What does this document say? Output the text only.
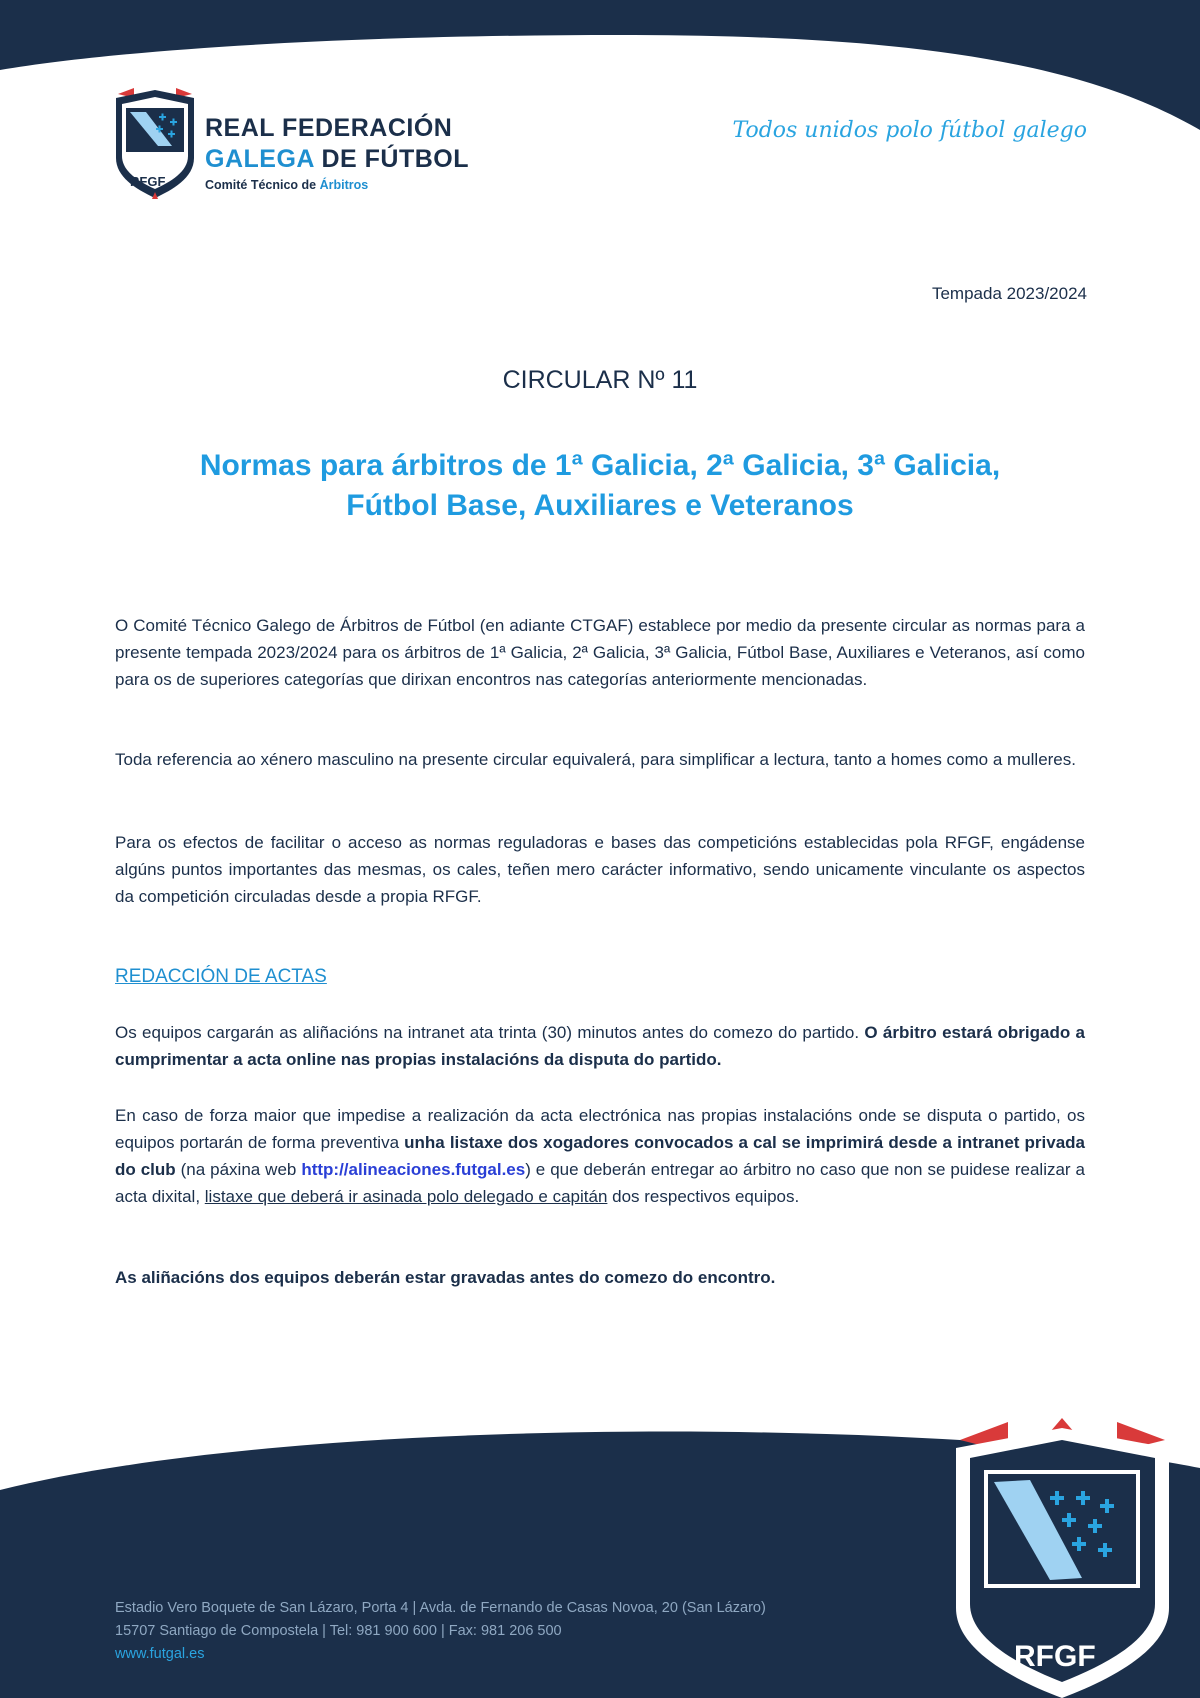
RFGF
REAL FEDERACIÓN
GALEGA DE FÚTBOL
Comité Técnico de Árbitros
Todos unidos polo fútbol galego
Tempada 2023/2024
CIRCULAR Nº 11
Normas para árbitros de 1ª Galicia, 2ª Galicia, 3ª Galicia,
Fútbol Base, Auxiliares e Veteranos

O Comité Técnico Galego de Árbitros de Fútbol (en adiante CTGAF) establece por medio da presente circular as normas para a presente tempada 2023/2024 para os árbitros de 1ª Galicia, 2ª Galicia, 3ª Galicia, Fútbol Base, Auxiliares e Veteranos, así como para os de superiores categorías que dirixan encontros nas categorías anteriormente mencionadas.

Toda referencia ao xénero masculino na presente circular equivalerá, para simplificar a lectura, tanto a homes como a mulleres.

Para os efectos de facilitar o acceso as normas reguladoras e bases das competicións establecidas pola RFGF, engádense algúns puntos importantes das mesmas, os cales, teñen mero carácter informativo, sendo unicamente vinculante os aspectos da competición circuladas desde a propia RFGF.

REDACCIÓN DE ACTAS

Os equipos cargarán as aliñacións na intranet ata trinta (30) minutos antes do comezo do partido. O árbitro estará obrigado a cumprimentar a acta online nas propias instalacións da disputa do partido.

En caso de forza maior que impedise a realización da acta electrónica nas propias instalacións onde se disputa o partido, os equipos portarán de forma preventiva unha listaxe dos xogadores convocados a cal se imprimirá desde a intranet privada do club (na páxina web http://alineaciones.futgal.es) e que deberán entregar ao árbitro no caso que non se puidese realizar a acta dixital, listaxe que deberá ir asinada polo delegado e capitán dos respectivos equipos.

As aliñacións dos equipos deberán estar gravadas antes do comezo do encontro.

Estadio Vero Boquete de San Lázaro, Porta 4 | Avda. de Fernando de Casas Novoa, 20 (San Lázaro)
15707 Santiago de Compostela | Tel: 981 900 600 | Fax: 981 206 500
www.futgal.es	RFGF
